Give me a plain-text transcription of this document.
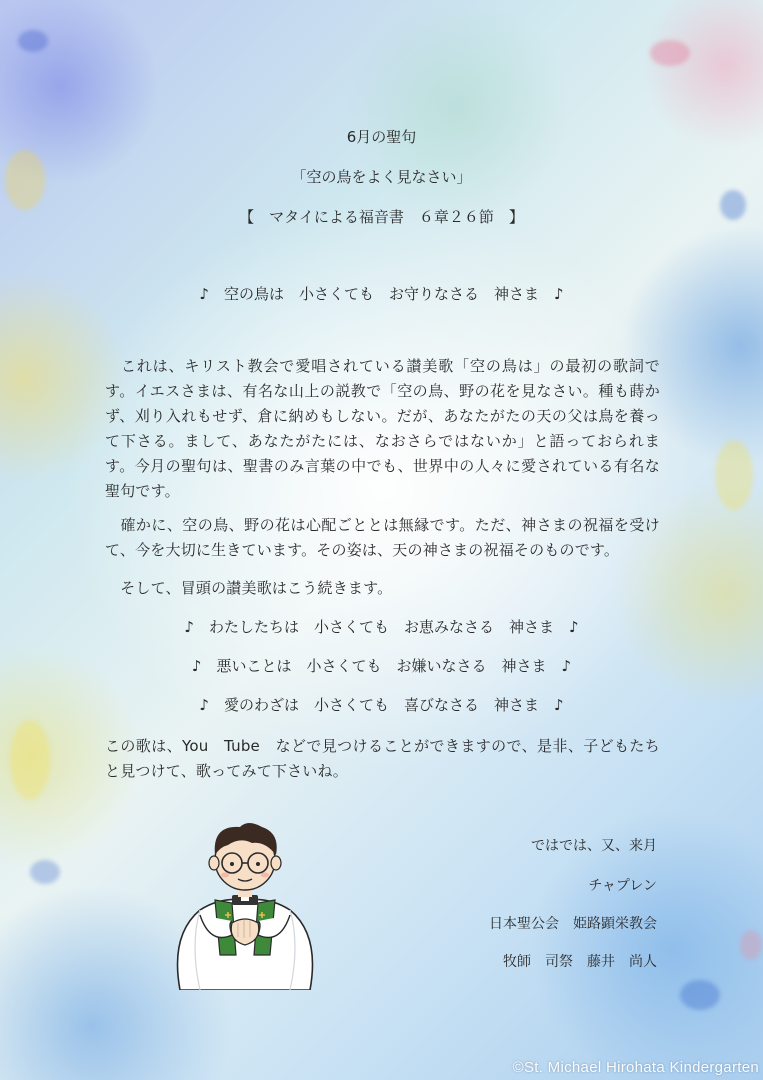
6月の聖句
「空の鳥をよく見なさい」

【　マタイによる福音書　６章２６節　】

♪　空の鳥は　小さくても　お守りなさる　神さま　♪

　これは、キリスト教会で愛唱されている讃美歌「空の鳥は」の最初の歌詞です。イエスさまは、有名な山上の説教で「空の鳥、野の花を見なさい。種も蒔かず、刈り入れもせず、倉に納めもしない。だが、あなたがたの天の父は鳥を養って下さる。まして、あなたがたには、なおさらではないか」と語っておられます。今月の聖句は、聖書のみ言葉の中でも、世界中の人々に愛されている有名な聖句です。

　確かに、空の鳥、野の花は心配ごととは無縁です。ただ、神さまの祝福を受けて、今を大切に生きています。その姿は、天の神さまの祝福そのものです。

　そして、冒頭の讃美歌はこう続きます。

♪　わたしたちは　小さくても　お恵みなさる　神さま　♪

♪　悪いことは　小さくても　お嫌いなさる　神さま　♪

♪　愛のわざは　小さくても　喜びなさる　神さま　♪

この歌は、You　Tube　などで見つけることができますので、是非、子どもたちと見つけて、歌ってみて下さいね。

ではでは、又、来月

チャプレン

日本聖公会　姫路顕栄教会

牧師　司祭　藤井　尚人

©St. Michael Hirohata Kindergarten
